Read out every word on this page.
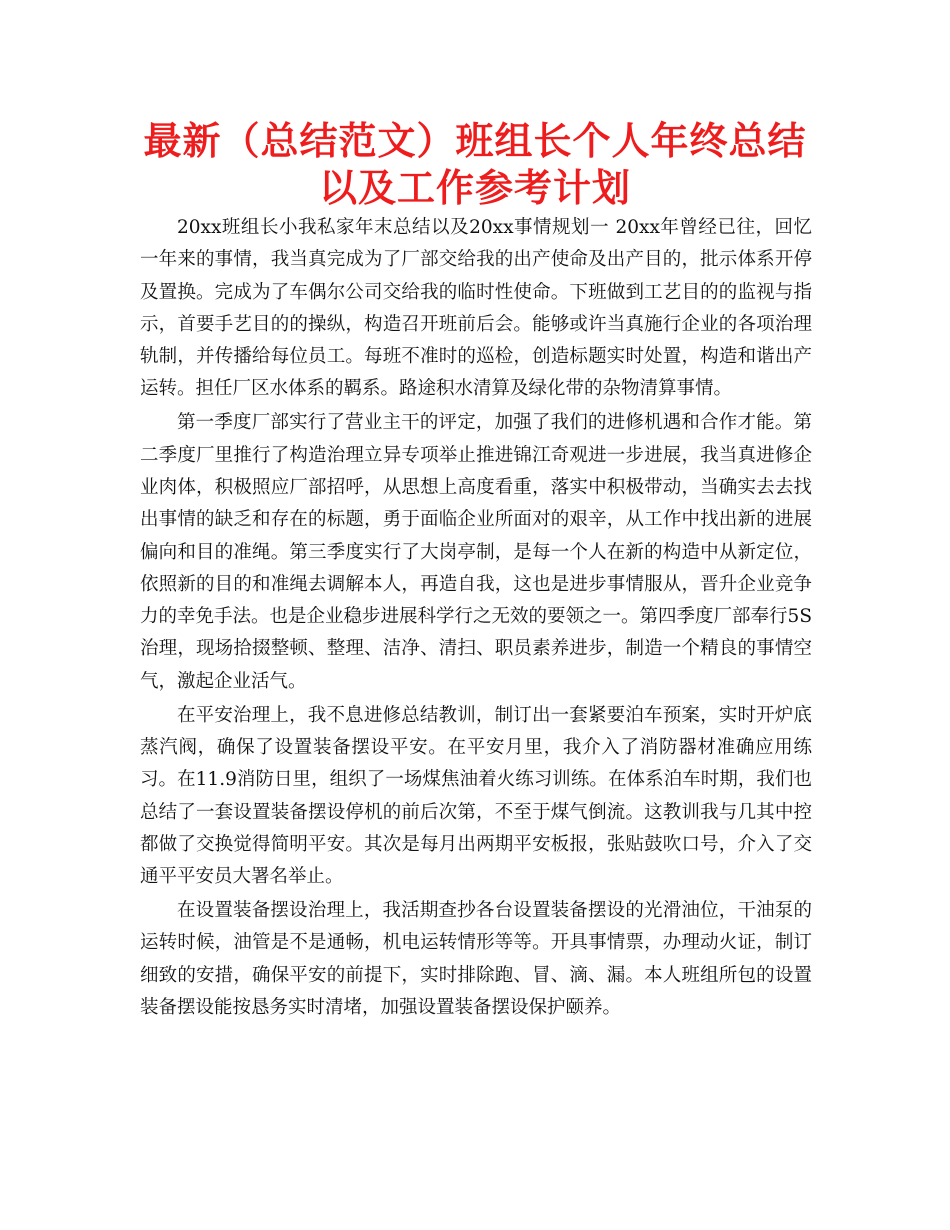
最新（总结范文）班组长个人年终总结以及工作参考计划

20xx班组长小我私家年末总结以及20xx事情规划一 20xx年曾经已往，回忆一年来的事情，我当真完成为了厂部交给我的出产使命及出产目的，批示体系开停及置换。完成为了车偶尔公司交给我的临时性使命。下班做到工艺目的的监视与指示，首要手艺目的的操纵，构造召开班前后会。能够或许当真施行企业的各项治理轨制，并传播给每位员工。每班不准时的巡检，创造标题实时处置，构造和谐出产运转。担任厂区水体系的羁系。路途积水清算及绿化带的杂物清算事情。

第一季度厂部实行了营业主干的评定，加强了我们的进修机遇和合作才能。第二季度厂里推行了构造治理立异专项举止推进锦江奇观进一步进展，我当真进修企业肉体，积极照应厂部招呼，从思想上高度看重，落实中积极带动，当确实去去找出事情的缺乏和存在的标题，勇于面临企业所面对的艰辛，从工作中找出新的进展偏向和目的准绳。第三季度实行了大岗亭制，是每一个人在新的构造中从新定位，依照新的目的和准绳去调解本人，再造自我，这也是进步事情服从，晋升企业竞争力的幸免手法。也是企业稳步进展科学行之无效的要领之一。第四季度厂部奉行5S治理，现场拾掇整顿、整理、洁净、清扫、职员素养进步，制造一个精良的事情空气，激起企业活气。

在平安治理上，我不息进修总结教训，制订出一套紧要泊车预案，实时开炉底蒸汽阀，确保了设置装备摆设平安。在平安月里，我介入了消防器材准确应用练习。在11.9消防日里，组织了一场煤焦油着火练习训练。在体系泊车时期，我们也总结了一套设置装备摆设停机的前后次第，不至于煤气倒流。这教训我与几其中控都做了交换觉得简明平安。其次是每月出两期平安板报，张贴鼓吹口号，介入了交通平平安员大署名举止。

在设置装备摆设治理上，我活期查抄各台设置装备摆设的光滑油位，干油泵的运转时候，油管是不是通畅，机电运转情形等等。开具事情票，办理动火证，制订细致的安措，确保平安的前提下，实时排除跑、冒、滴、漏。本人班组所包的设置装备摆设能按恳务实时清堵，加强设置装备摆设保护颐养。
